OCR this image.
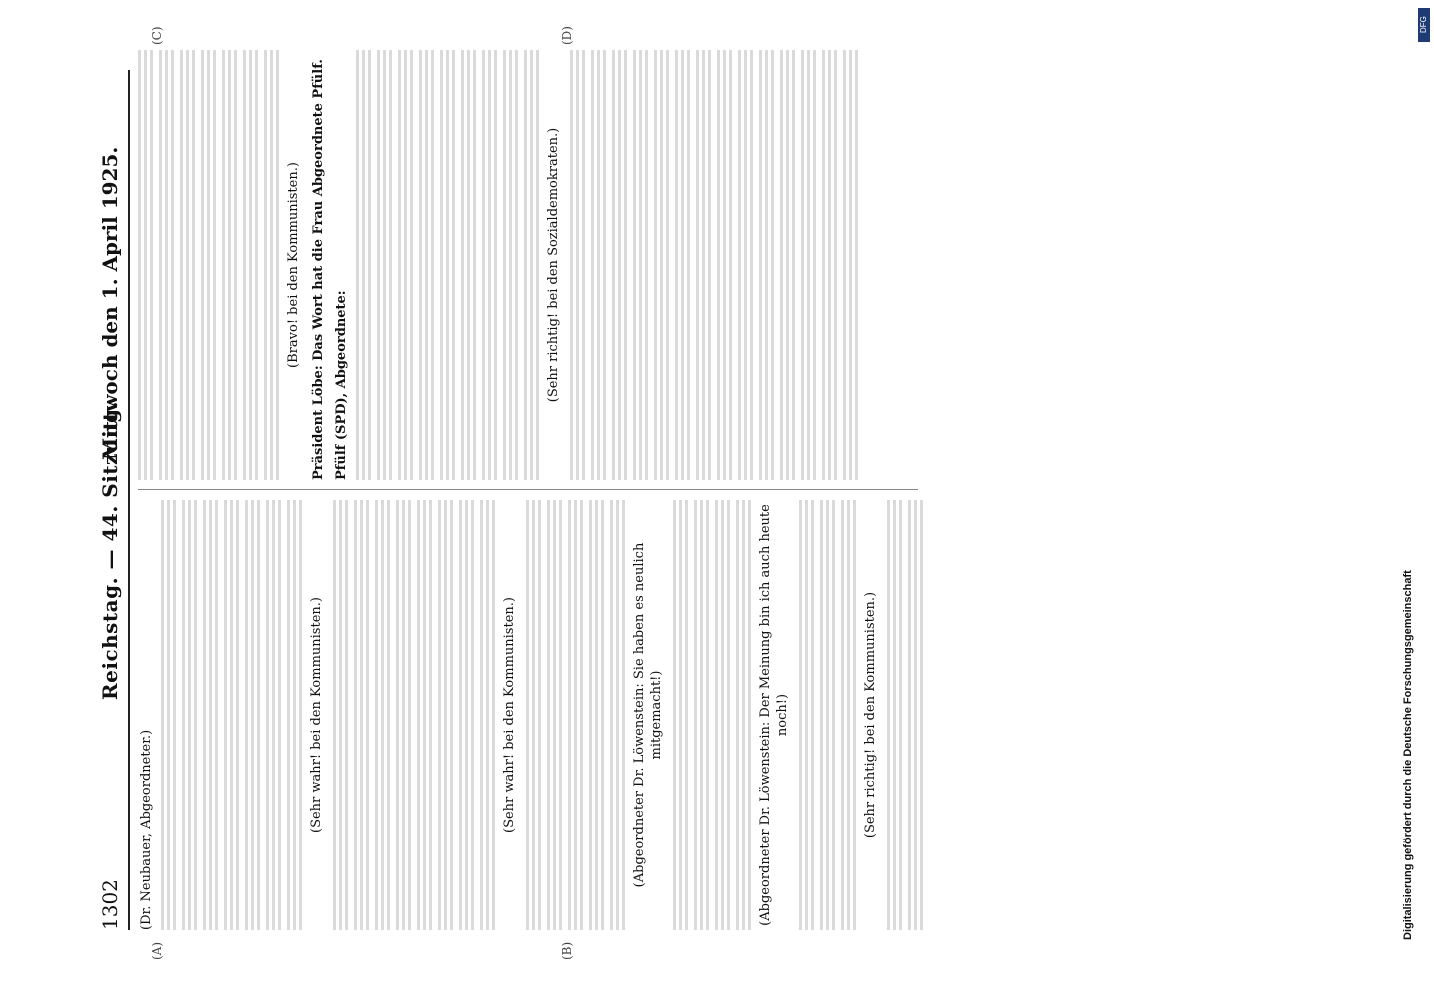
1302
Reichstag. — 44. Sitzung.
Mittwoch den 1. April 1925.
(A)	(B)
(C)	(D)
(Dr. Neubauer, Abgeordneter.)	(Sehr wahr! bei den Kommunisten.)	(Sehr wahr! bei den Kommunisten.)	(Abgeordneter Dr. Löwenstein: Sie haben es neulich mitgemacht!)	(Abgeordneter Dr. Löwenstein: Der Meinung bin ich auch heute noch!)	(Sehr richtig! bei den Kommunisten.)
(Bravo! bei den Kommunisten.) Präsident Löbe: Das Wort hat die Frau Abgeordnete Pfülf. Pfülf (SPD), Abgeordnete:	(Sehr richtig! bei den Sozialdemokraten.)
DFG
Digitalisierung gefördert durch die Deutsche Forschungsgemeinschaft
